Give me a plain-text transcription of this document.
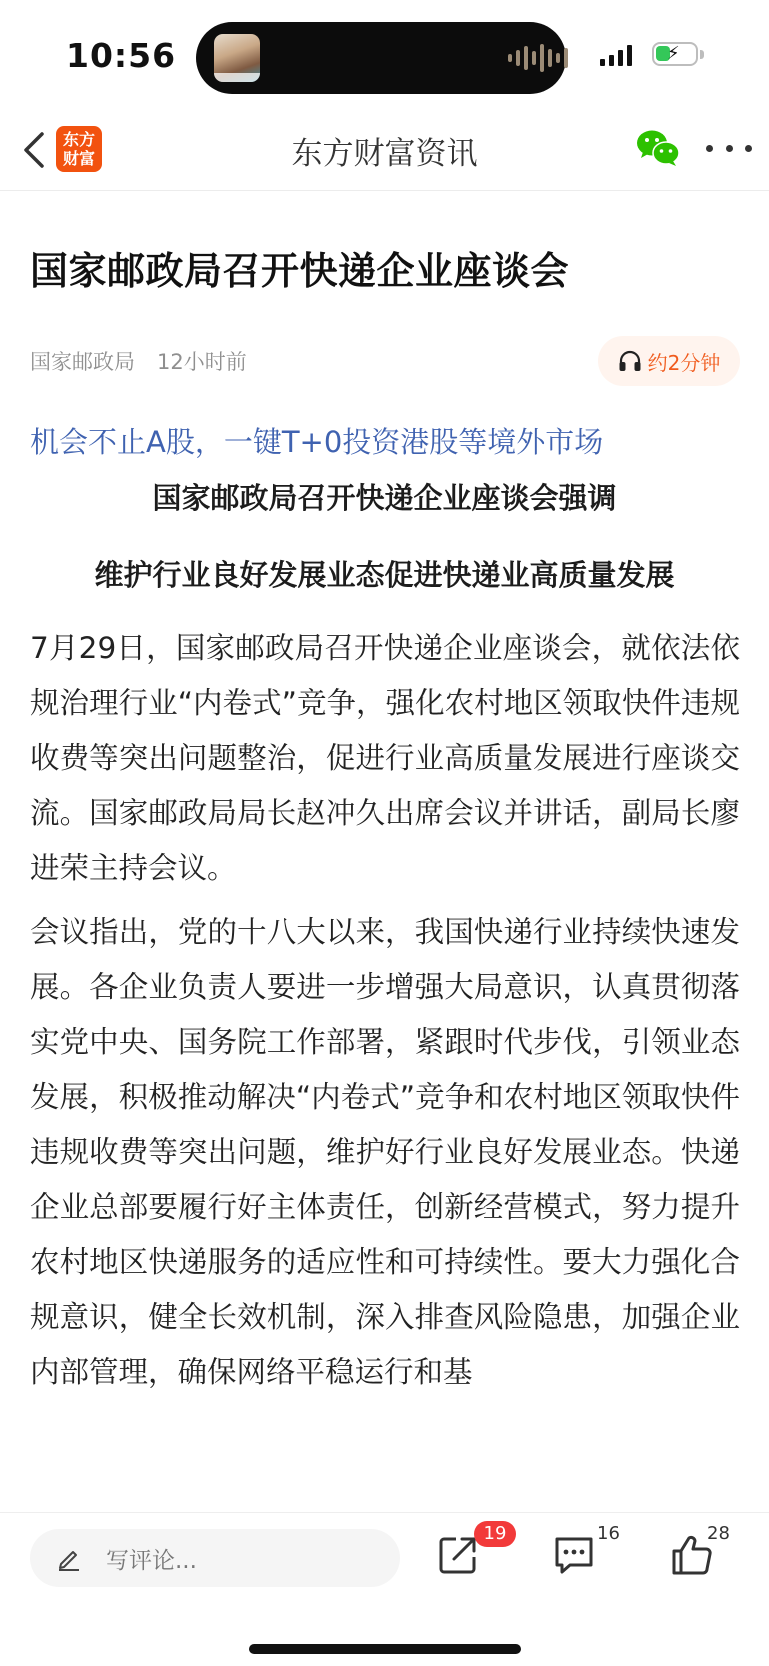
10:56	⚡
东方
财富	东方财富资讯
国家邮政局召开快递企业座谈会
国家邮政局 12小时前	约2分钟
机会不止A股，一键T+0投资港股等境外市场
国家邮政局召开快递企业座谈会强调
维护行业良好发展业态促进快递业高质量发展

7月29日，国家邮政局召开快递企业座谈会，就依法依规治理行业“内卷式”竞争，强化农村地区领取快件违规收费等突出问题整治，促进行业高质量发展进行座谈交流。国家邮政局局长赵冲久出席会议并讲话，副局长廖进荣主持会议。

会议指出，党的十八大以来，我国快递行业持续快速发展。各企业负责人要进一步增强大局意识，认真贯彻落实党中央、国务院工作部署，紧跟时代步伐，引领业态发展，积极推动解决“内卷式”竞争和农村地区领取快件违规收费等突出问题，维护好行业良好发展业态。快递企业总部要履行好主体责任，创新经营模式，努力提升农村地区快递服务的适应性和可持续性。要大力强化合规意识，健全长效机制，深入排查风险隐患，加强企业内部管理，确保网络平稳运行和基

写评论...
19	16	28
